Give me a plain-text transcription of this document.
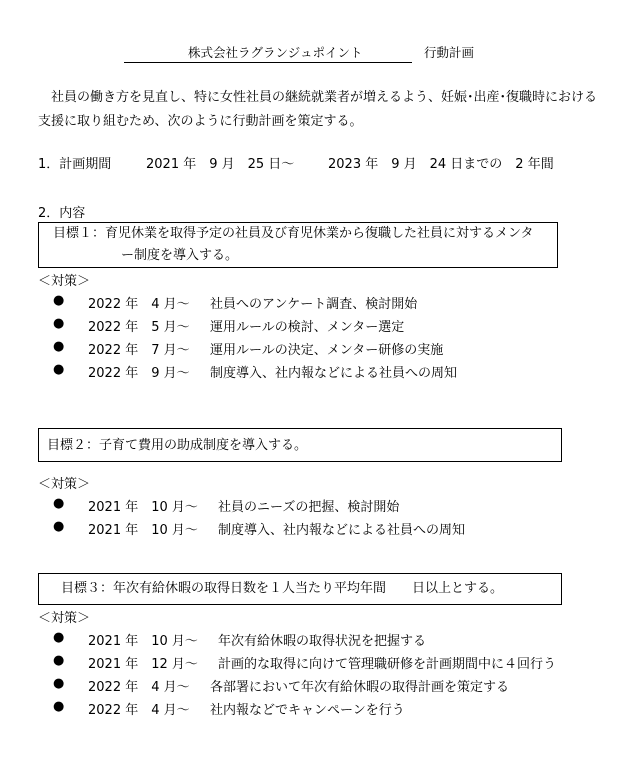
株式会社ラグランジュポイント	行動計画
社員の働き方を見直し、特に女性社員の継続就業者が増えるよう、妊娠･出産･復職時における支援に取り組むため、次のように行動計画を策定する。
1．計画期間	2021 年　9 月　25 日～	2023 年　9 月　24 日までの　2 年間
2．内容
目標１：育児休業を取得予定の社員及び育児休業から復職した社員に対するメンタ
ー制度を導入する。
＜対策＞
● 2022 年　4 月～ 社員へのアンケート調査、検討開始
● 2022 年　5 月～ 運用ルールの検討、メンター選定
● 2022 年　7 月～ 運用ルールの決定、メンター研修の実施
● 2022 年　9 月～ 制度導入、社内報などによる社員への周知
目標２：子育て費用の助成制度を導入する。
＜対策＞
● 2021 年　10 月～ 社員のニーズの把握、検討開始
● 2021 年　10 月～ 制度導入、社内報などによる社員への周知
目標３：年次有給休暇の取得日数を１人当たり平均年間　　日以上とする。
＜対策＞
● 2021 年　10 月～ 年次有給休暇の取得状況を把握する
● 2021 年　12 月～ 計画的な取得に向けて管理職研修を計画期間中に４回行う
● 2022 年　4 月～ 各部署において年次有給休暇の取得計画を策定する
● 2022 年　4 月～ 社内報などでキャンペーンを行う
